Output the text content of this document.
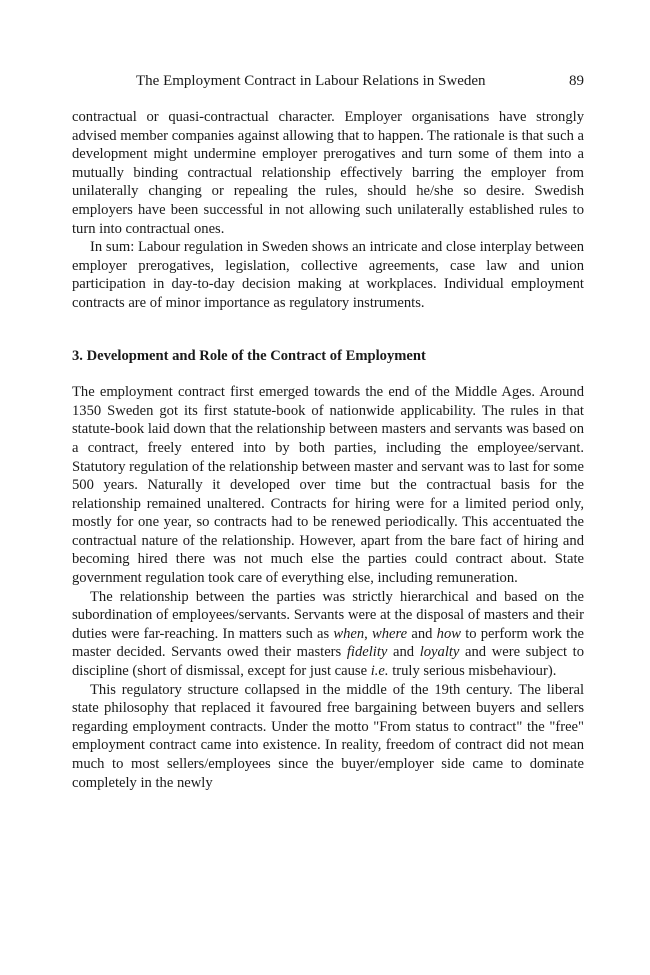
The Employment Contract in Labour Relations in Sweden	89

contractual or quasi-contractual character. Employer organisations have strongly advised member companies against allowing that to happen. The rationale is that such a development might undermine employer prerogatives and turn some of them into a mutually binding contractual relationship effectively barring the employer from unilaterally changing or repealing the rules, should he/she so desire. Swedish employers have been successful in not allowing such unilaterally established rules to turn into contractual ones.

In sum: Labour regulation in Sweden shows an intricate and close interplay between employer prerogatives, legislation, collective agreements, case law and union participation in day-to-day decision making at workplaces. Individual employment contracts are of minor importance as regulatory instruments.

3. Development and Role of the Contract of Employment

The employment contract first emerged towards the end of the Middle Ages. Around 1350 Sweden got its first statute-book of nationwide applicability. The rules in that statute-book laid down that the relationship between masters and servants was based on a contract, freely entered into by both parties, including the employee/servant. Statutory regulation of the relationship between master and servant was to last for some 500 years. Naturally it developed over time but the contractual basis for the relationship remained unaltered. Contracts for hiring were for a limited period only, mostly for one year, so contracts had to be renewed periodically. This accentuated the contractual nature of the relationship. However, apart from the bare fact of hiring and becoming hired there was not much else the parties could contract about. State government regulation took care of everything else, including remuneration.

The relationship between the parties was strictly hierarchical and based on the subordination of employees/servants. Servants were at the disposal of masters and their duties were far-reaching. In matters such as when, where and how to perform work the master decided. Servants owed their masters fidelity and loyalty and were subject to discipline (short of dismissal, except for just cause i.e. truly serious misbehaviour).

This regulatory structure collapsed in the middle of the 19th century. The liberal state philosophy that replaced it favoured free bargaining between buyers and sellers regarding employment contracts. Under the motto "From status to contract" the "free" employment contract came into existence. In reality, freedom of contract did not mean much to most sellers/employees since the buyer/employer side came to dominate completely in the newly
